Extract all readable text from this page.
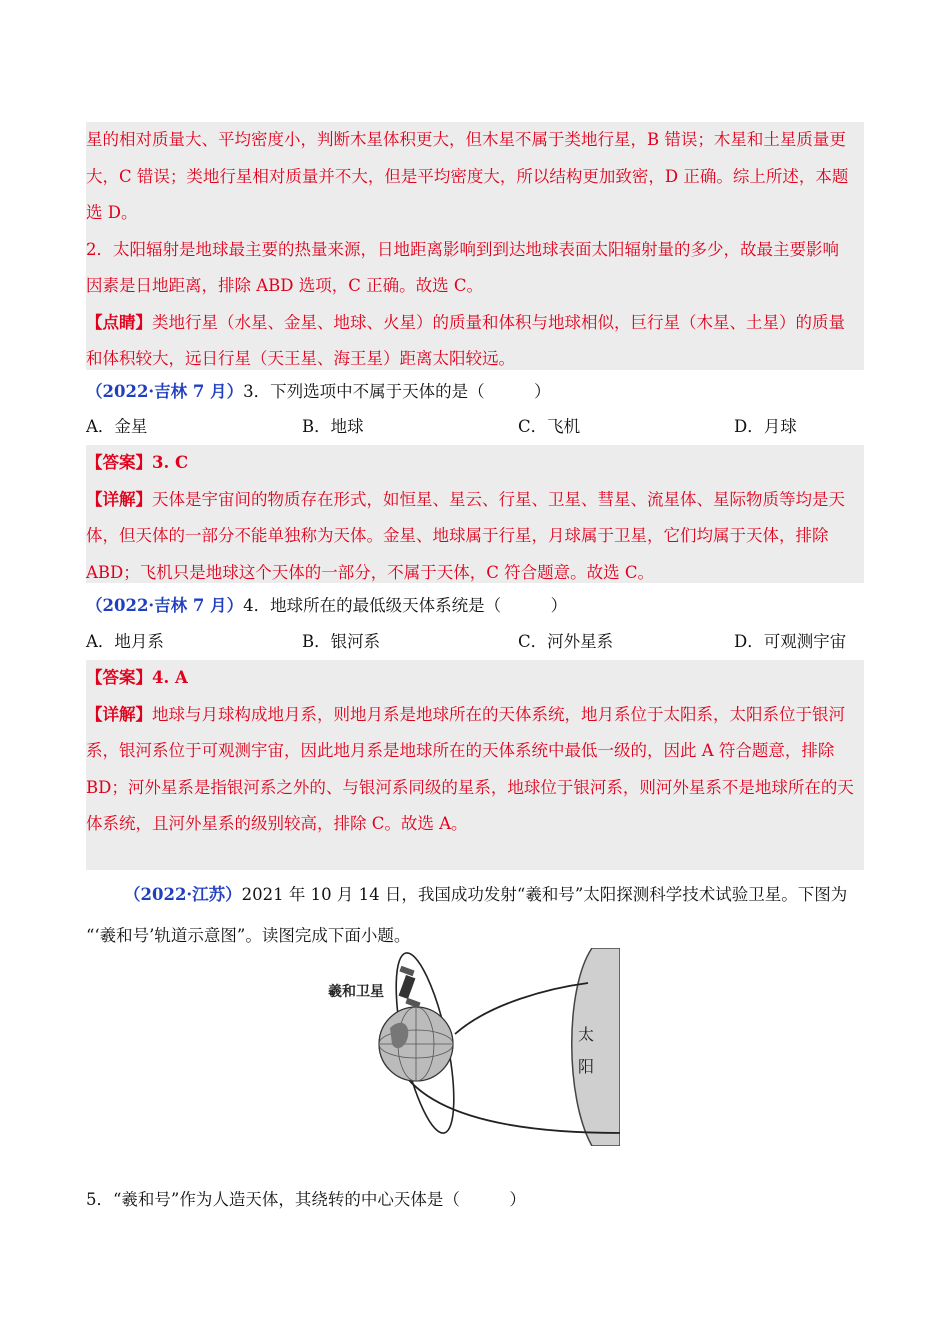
星的相对质量大、平均密度小，判断木星体积更大，但木星不属于类地行星，B 错误；木星和土星质量更

大，C 错误；类地行星相对质量并不大，但是平均密度大，所以结构更加致密，D 正确。综上所述，本题

选 D。

2．太阳辐射是地球最主要的热量来源，日地距离影响到到达地球表面太阳辐射量的多少，故最主要影响

因素是日地距离，排除 ABD 选项，C 正确。故选 C。

【点睛】类地行星（水星、金星、地球、火星）的质量和体积与地球相似，巨行星（木星、土星）的质量

和体积较大，远日行星（天王星、海王星）距离太阳较远。

（2022·吉林 7 月）3．下列选项中不属于天体的是（　　　）
A．金星	B．地球	C．飞机	D．月球

【答案】3. C

【详解】天体是宇宙间的物质存在形式，如恒星、星云、行星、卫星、彗星、流星体、星际物质等均是天

体，但天体的一部分不能单独称为天体。金星、地球属于行星，月球属于卫星，它们均属于天体，排除

ABD；飞机只是地球这个天体的一部分，不属于天体，C 符合题意。故选 C。

（2022·吉林 7 月）4．地球所在的最低级天体系统是（　　　）
A．地月系	B．银河系	C．河外星系	D．可观测宇宙

【答案】4. A

【详解】地球与月球构成地月系，则地月系是地球所在的天体系统，地月系位于太阳系，太阳系位于银河

系，银河系位于可观测宇宙，因此地月系是地球所在的天体系统中最低一级的，因此 A 符合题意，排除

BD；河外星系是指银河系之外的、与银河系同级的星系，地球位于银河系，则河外星系不是地球所在的天

体系统，且河外星系的级别较高，排除 C。故选 A。

（2022·江苏）2021 年 10 月 14 日，我国成功发射“羲和号”太阳探测科学技术试验卫星。下图为
“‘羲和号’轨道示意图”。读图完成下面小题。
太
阳
羲和卫星
5．“羲和号”作为人造天体，其绕转的中心天体是（　　　）
